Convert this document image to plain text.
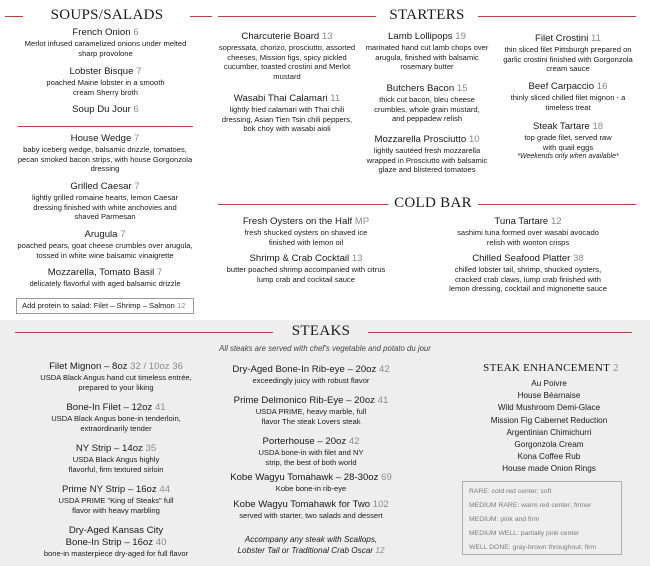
SOUPS/SALADS	STARTERS
COLD BAR
STEAKS
French Onion 6
Merlot infused caramelized onions under melted sharp provolone
Lobster Bisque 7
poached Maine lobster in a smooth cream Sherry broth
Soup Du Jour 6
House Wedge 7
baby iceberg wedge, balsamic drizzle, tomatoes, pecan smoked bacon strips, with house Gorgonzola dressing
Grilled Caesar 7
lightly grilled romaine hearts, lemon Caesar dressing finished with white anchovies and shaved Parmesan
Arugula 7
poached pears, goat cheese crumbles over arugula, tossed in white wine balsamic vinaigrette
Mozzarella, Tomato Basil 7
delicately flavorful with aged balsamic drizzle
Add protein to salad: Filet – Shrimp – Salmon 12
Charcuterie Board 13
sopressata, chorizo, prosciutto, assorted cheeses, Mission figs, spicy pickled cucumber, toasted crostini and Merlot mustard
Wasabi Thai Calamari 11
lightly fried calamari with Thai chili dressing, Asian Tien Tsin chili peppers, bok choy with wasabi aioli
Lamb Lollipops 19
marinated hand cut lamb chops over arugula, finished with balsamic rosemary butter
Butchers Bacon 15
thick cut bacon, bleu cheese crumbles, whole grain mustard, and peppadew relish
Mozzarella Prosciutto 10
lightly sautéed fresh mozzarella wrapped in Prosciutto with balsamic glaze and blistered tomatoes
Filet Crostini 11
thin sliced filet Pittsburgh prepared on garlic crostini finished with Gorgonzola cream sauce
Beef Carpaccio 16
thinly sliced chilled filet mignon - a timeless treat
Steak Tartare 18
top grade filet, served raw with quail eggs
*Weekends only when available*
Fresh Oysters on the Half MP
fresh shucked oysters on shaved ice finished with lemon oil
Shrimp & Crab Cocktail 13
butter poached shrimp accompanied with citrus lump crab and cocktail sauce
Tuna Tartare 12
sashimi tuna formed over wasabi avocado relish with wonton crisps
Chilled Seafood Platter 38
chilled lobster tail, shrimp, shucked oysters, cracked crab claws, lump crab finished with lemon dressing, cocktail and mignonette sauce
All steaks are served with chef's vegetable and potato du jour
Filet Mignon – 8oz 32 / 10oz 36
USDA Black Angus hand cut timeless entrée, prepared to your liking
Bone-In Filet – 12oz 41
USDA Black Angus bone-in tenderloin, extraordinarily tender
NY Strip – 14oz 35
USDA Black Angus highly flavorful, firm textured sirloin
Prime NY Strip – 16oz 44
USDA PRIME "King of Steaks" full flavor with heavy marbling
Dry-Aged Kansas City
Bone-In Strip – 16oz 40
bone-in masterpiece dry-aged for full flavor
Dry-Aged Bone-In Rib-eye – 20oz 42
exceedingly juicy with robust flavor
Prime Delmonico Rib-Eye – 20oz 41
USDA PRIME, heavy marble, full flavor The steak Lovers steak
Porterhouse – 20oz 42
USDA bone-in with filet and NY strip, the best of both world
Kobe Wagyu Tomahawk – 28-30oz 69
Kobe bone-in rib-eye
Kobe Wagyu Tomahawk for Two 102
served with starter, two salads and dessert
Accompany any steak with Scallops, Lobster Tail or Traditional Crab Oscar 12
STEAK ENHANCEMENT 2
Au Poivre
House Béarnaise
Wild Mushroom Demi-Glace
Mission Fig Cabernet Reduction
Argentinian Chimichurri
Gorgonzola Cream
Kona Coffee Rub
House made Onion Rings
RARE: cold red center; soft
MEDIUM RARE: warm red center; firmer
MEDIUM: pink and firm
MEDIUM WELL: partially pink center
WELL DONE: gray-brown throughout; firm
